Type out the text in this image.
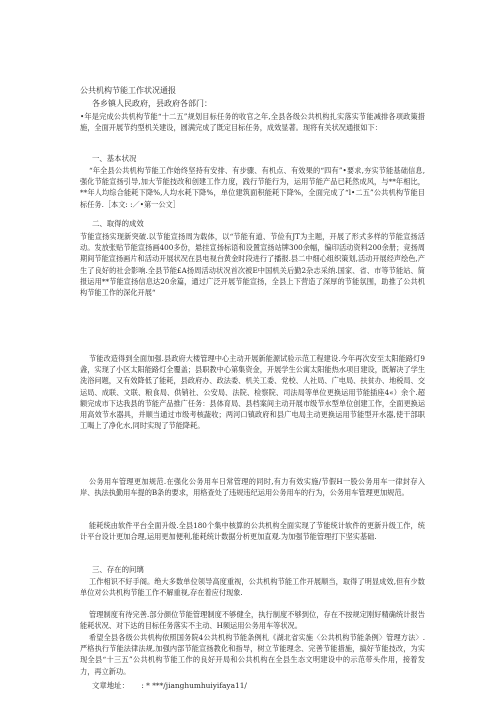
公共机构节能工作状况通报
各乡镇人民政府，县政府各部门：

•年是完成公共机构节能“十二五”规划目标任务的收官之年,全县各级公共机构扎实落实节能减排各项政策措施，全面开展节约型机关建设，圆满完成了既定目标任务，成效显著。现将有关状况通报如下：

一、基本状况

“年全县公共机构节能工作始终坚持有安排、有步骤、有机点、有效果的“四有”•要求,夯实节能基础信息,强化节能宣扬引导,加大节能技改和创建工作力度，践行节能行为，运用节能产品已耗然成风，与**年相比，**年人均综合能耗下降%,人均水耗下降%，单位建筑面积能耗下降%，全面完成了“l•二五”公共机构节能目标任务.［本文: :／•第一公文］

二、取得的成效

节能宣扬实现新突破.以节能宣扬周为载体，以“节能有道、节俭有JT为主题，开展了形式多样的节能宣扬活动。发放张贴节能宣扬画400多份，悬挂宣扬标语和设置宣扬站牌300余幅，编印活动资料200余册；竞扬周期间节能宣扬画片和活动开展状况在县电视台黄金时段进行了播报.县二中细心组织策划,活动开展经声绘色,产生了良好的社会影响.全县节能£A扬周活动状况首次被E中国机关后勤2杂志采纳.国家、省、市等节能站、简报运用**节能宣扬信息达20余篇，通过广泛开展节能宣扬，全县上下营造了深厚的节能氛围，助推了公共机构节能工作的深化开展“

节能改造得到全面加强.县政府大楼管理中心主动开展新能源试验示范工程建设.今年再次安至太阳能路灯9盏，实现了小区太阳能路灯全覆盖；县职教中心第集资金，开展学生公寓太阳能热水项目建设，既解决了学生洗浴问题，又有效降低了能耗，县政府办、政法委、机关工委、党校、人社局、广电局、扶贫办、地税局、交运局、成联、文联、粮食局、供销社、公安局、法院、检察院、司法局等单位更换运用节能插座4«）余个.超额完成市下达我县的节能产品推广任务：县体育局、县档案间主动开展市级节水型单位创建工作，全面更换运用高效节水器具，并顺当通过市级考核蔬收；两河口镇政府和县广电局主动更换运用节能型开水器,使干部职工喝上了净化水,同时实现了节能降耗。

公务用车管理更加规范.在强化公务用车日常管理的同时,有力有效实施/节假H一股公务用车一律封存入岸、执法执勤用车提的B条的要求，用格查处了违规违纪运用公务用车的行为，公务用车管理更加规范。

能耗统由软件平台全面升级.全县180个集中核算的公共机构全面实现了节能统计软件的更新升级工作，统计平台设计更加合理,运用更加便利,能耗统计数据分析更加直观.为加强节能管理打下坚实基础.

三、存在的问璃

工作相识不好手阁。绝大多数单位领导高度重视，公共机构节能工作开展顺当，取得了明显成效,但有少数单位对公共机构节能工作不解重视,存在着应付现象.

管理制度有待完善.部分颜位节能管理制度不够健全，执行制度不够到位，存在不按规定刚好精确统计报告能耗状况、对下达的目标任务落实不主动、H频运用公务用车等状况。

希望全县各级公共机构依照国务院4公共机构节能条例札《湖北省实施〈公共机构节能条例〉管理方法〉.严格执行节能法律法规,加强内部节能宣扬教化和指导，树立节能理念、完善节能措施，搞好节能技改，为实现全县“十三五”公共机构节能工作的良好开局和公共机构在全县生态文明建设中的示范带头作用，接着发力，再立新功。

文章地址： : * ***/jianghumhuiyifaya11/
